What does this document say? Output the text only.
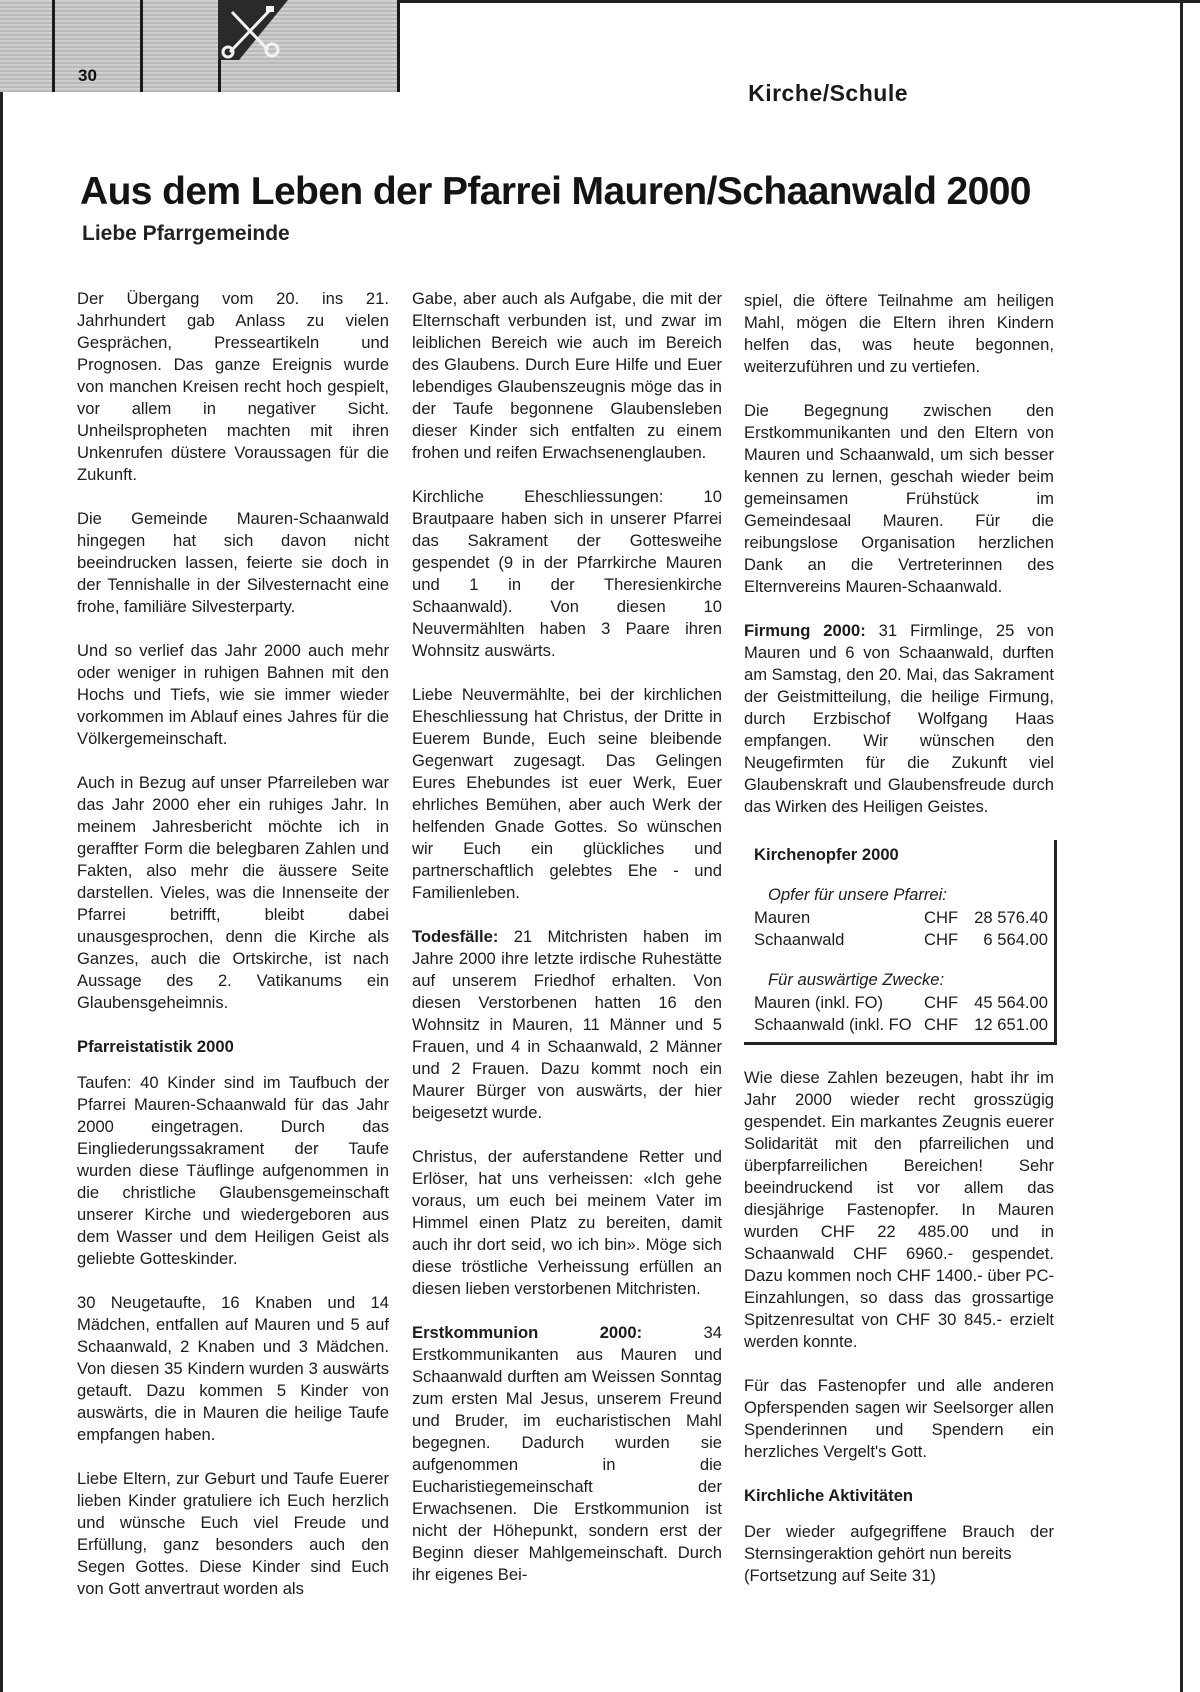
30
Kirche/Schule
Aus dem Leben der Pfarrei Mauren/Schaanwald 2000
Liebe Pfarrgemeinde

Der Übergang vom 20. ins 21. Jahrhundert gab Anlass zu vielen Gesprächen, Presseartikeln und Prognosen. Das ganze Ereignis wurde von manchen Kreisen recht hoch gespielt, vor allem in negativer Sicht. Unheilspropheten machten mit ihren Unkenrufen düstere Voraussagen für die Zukunft.

Die Gemeinde Mauren-Schaanwald hingegen hat sich davon nicht beeindrucken lassen, feierte sie doch in der Tennishalle in der Silvesternacht eine frohe, familiäre Silvesterparty.

Und so verlief das Jahr 2000 auch mehr oder weniger in ruhigen Bahnen mit den Hochs und Tiefs, wie sie immer wieder vorkommen im Ablauf eines Jahres für die Völkergemeinschaft.

Auch in Bezug auf unser Pfarreileben war das Jahr 2000 eher ein ruhiges Jahr. In meinem Jahresbericht möchte ich in geraffter Form die belegbaren Zahlen und Fakten, also mehr die äussere Seite darstellen. Vieles, was die Innenseite der Pfarrei betrifft, bleibt dabei unausgesprochen, denn die Kirche als Ganzes, auch die Ortskirche, ist nach Aussage des 2. Vatikanums ein Glaubensgeheimnis.

Pfarreistatistik 2000

Taufen: 40 Kinder sind im Taufbuch der Pfarrei Mauren-Schaanwald für das Jahr 2000 eingetragen. Durch das Eingliederungssakrament der Taufe wurden diese Täuflinge aufgenommen in die christliche Glaubensgemeinschaft unserer Kirche und wiedergeboren aus dem Wasser und dem Heiligen Geist als geliebte Gotteskinder.

30 Neugetaufte, 16 Knaben und 14 Mädchen, entfallen auf Mauren und 5 auf Schaanwald, 2 Knaben und 3 Mädchen. Von diesen 35 Kindern wurden 3 auswärts getauft. Dazu kommen 5 Kinder von auswärts, die in Mauren die heilige Taufe empfangen haben.

Liebe Eltern, zur Geburt und Taufe Euerer lieben Kinder gratuliere ich Euch herzlich und wünsche Euch viel Freude und Erfüllung, ganz besonders auch den Segen Gottes. Diese Kinder sind Euch von Gott anvertraut worden als

Gabe, aber auch als Aufgabe, die mit der Elternschaft verbunden ist, und zwar im leiblichen Bereich wie auch im Bereich des Glaubens. Durch Eure Hilfe und Euer lebendiges Glaubenszeugnis möge das in der Taufe begonnene Glaubensleben dieser Kinder sich entfalten zu einem frohen und reifen Erwachsenenglauben.

Kirchliche Eheschliessungen: 10 Brautpaare haben sich in unserer Pfarrei das Sakrament der Gottesweihe gespendet (9 in der Pfarrkirche Mauren und 1 in der Theresienkirche Schaanwald). Von diesen 10 Neuvermählten haben 3 Paare ihren Wohnsitz auswärts.

Liebe Neuvermählte, bei der kirchlichen Eheschliessung hat Christus, der Dritte in Euerem Bunde, Euch seine bleibende Gegenwart zugesagt. Das Gelingen Eures Ehebundes ist euer Werk, Euer ehrliches Bemühen, aber auch Werk der helfenden Gnade Gottes. So wünschen wir Euch ein glückliches und partnerschaftlich gelebtes Ehe - und Familienleben.

Todesfälle: 21 Mitchristen haben im Jahre 2000 ihre letzte irdische Ruhestätte auf unserem Friedhof erhalten. Von diesen Verstorbenen hatten 16 den Wohnsitz in Mauren, 11 Männer und 5 Frauen, und 4 in Schaanwald, 2 Männer und 2 Frauen. Dazu kommt noch ein Maurer Bürger von auswärts, der hier beigesetzt wurde.

Christus, der auferstandene Retter und Erlöser, hat uns verheissen: «Ich gehe voraus, um euch bei meinem Vater im Himmel einen Platz zu bereiten, damit auch ihr dort seid, wo ich bin». Möge sich diese tröstliche Verheissung erfüllen an diesen lieben verstorbenen Mitchristen.

Erstkommunion 2000: 34 Erstkommunikanten aus Mauren und Schaanwald durften am Weissen Sonntag zum ersten Mal Jesus, unserem Freund und Bruder, im eucharistischen Mahl begegnen. Dadurch wurden sie aufgenommen in die Eucharistiegemeinschaft der Erwachsenen. Die Erstkommunion ist nicht der Höhepunkt, sondern erst der Beginn dieser Mahlgemeinschaft. Durch ihr eigenes Bei-

spiel, die öftere Teilnahme am heiligen Mahl, mögen die Eltern ihren Kindern helfen das, was heute begonnen, weiterzuführen und zu vertiefen.

Die Begegnung zwischen den Erstkommunikanten und den Eltern von Mauren und Schaanwald, um sich besser kennen zu lernen, geschah wieder beim gemeinsamen Frühstück im Gemeindesaal Mauren. Für die reibungslose Organisation herzlichen Dank an die Vertreterinnen des Elternvereins Mauren-Schaanwald.

Firmung 2000: 31 Firmlinge, 25 von Mauren und 6 von Schaanwald, durften am Samstag, den 20. Mai, das Sakrament der Geistmitteilung, die heilige Firmung, durch Erzbischof Wolfgang Haas empfangen. Wir wünschen den Neugefirmten für die Zukunft viel Glaubenskraft und Glaubensfreude durch das Wirken des Heiligen Geistes.

Kirchenopfer 2000
Opfer für unsere Pfarrei:
Mauren	CHF 28 576.40
Schaanwald	CHF	6 564.00
Für auswärtige Zwecke:
Mauren (inkl. FO)	CHF 45 564.00
Schaanwald (inkl. FO CHF 12 651.00

Wie diese Zahlen bezeugen, habt ihr im Jahr 2000 wieder recht grosszügig gespendet. Ein markantes Zeugnis euerer Solidarität mit den pfarreilichen und überpfarreilichen Bereichen! Sehr beeindruckend ist vor allem das diesjährige Fastenopfer. In Mauren wurden CHF 22 485.00 und in Schaanwald CHF 6960.- gespendet. Dazu kommen noch CHF 1400.- über PC-Einzahlungen, so dass das grossartige Spitzenresultat von CHF 30 845.- erzielt werden konnte.

Für das Fastenopfer und alle anderen Opferspenden sagen wir Seelsorger allen Spenderinnen und Spendern ein herzliches Vergelt's Gott.

Kirchliche Aktivitäten

Der wieder aufgegriffene Brauch der Sternsingeraktion gehört nun bereits

(Fortsetzung auf Seite 31)
